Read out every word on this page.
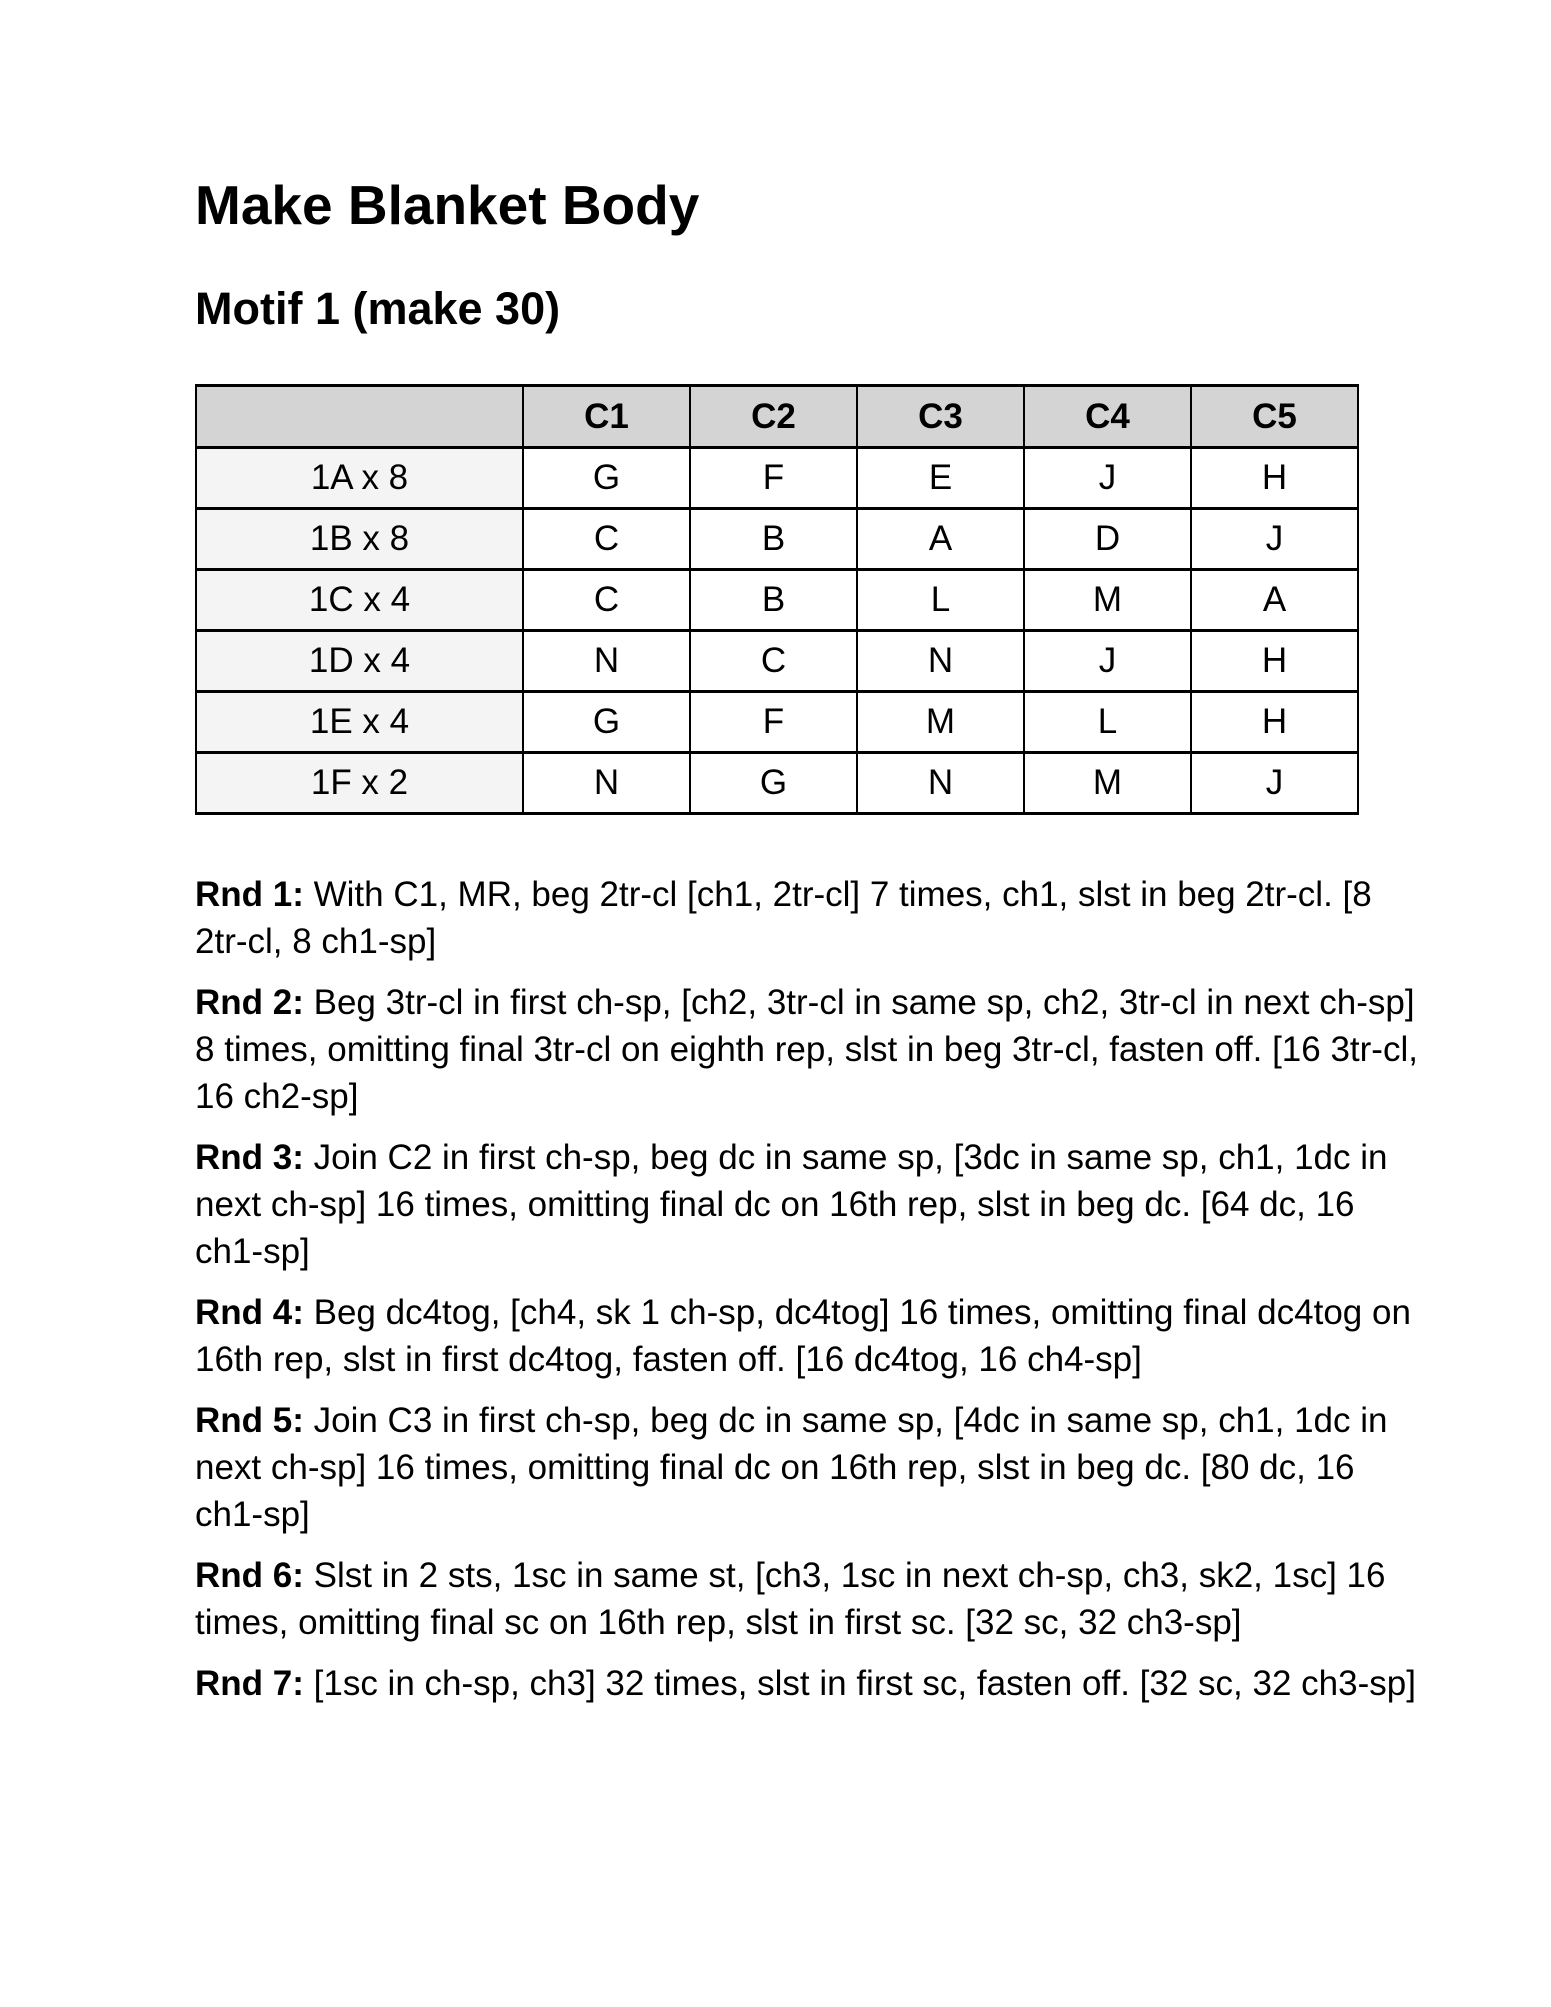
Make Blanket Body
Motif 1 (make 30)
	C1	C2	C3	C4	C5
1A x 8	G	F	E	J	H
1B x 8	C	B	A	D	J
1C x 4	C	B	L	M	A
1D x 4	N	C	N	J	H
1E x 4	G	F	M	L	H
1F x 2	N	G	N	M	J

Rnd 1: With C1, MR, beg 2tr-cl [ch1, 2tr-cl] 7 times, ch1, slst in beg 2tr-cl. [8 2tr-cl, 8 ch1-sp]

Rnd 2: Beg 3tr-cl in first ch-sp, [ch2, 3tr-cl in same sp, ch2, 3tr-cl in next ch-sp] 8 times, omitting final 3tr-cl on eighth rep, slst in beg 3tr-cl, fasten off. [16 3tr-cl, 16 ch2-sp]

Rnd 3: Join C2 in first ch-sp, beg dc in same sp, [3dc in same sp, ch1, 1dc in next ch-sp] 16 times, omitting final dc on 16th rep, slst in beg dc. [64 dc, 16 ch1-sp]

Rnd 4: Beg dc4tog, [ch4, sk 1 ch-sp, dc4tog] 16 times, omitting final dc4tog on 16th rep, slst in first dc4tog, fasten off. [16 dc4tog, 16 ch4-sp]

Rnd 5: Join C3 in first ch-sp, beg dc in same sp, [4dc in same sp, ch1, 1dc in next ch-sp] 16 times, omitting final dc on 16th rep, slst in beg dc. [80 dc, 16 ch1-sp]

Rnd 6: Slst in 2 sts, 1sc in same st, [ch3, 1sc in next ch-sp, ch3, sk2, 1sc] 16 times, omitting final sc on 16th rep, slst in first sc. [32 sc, 32 ch3-sp]

Rnd 7: [1sc in ch-sp, ch3] 32 times, slst in first sc, fasten off. [32 sc, 32 ch3-sp]
